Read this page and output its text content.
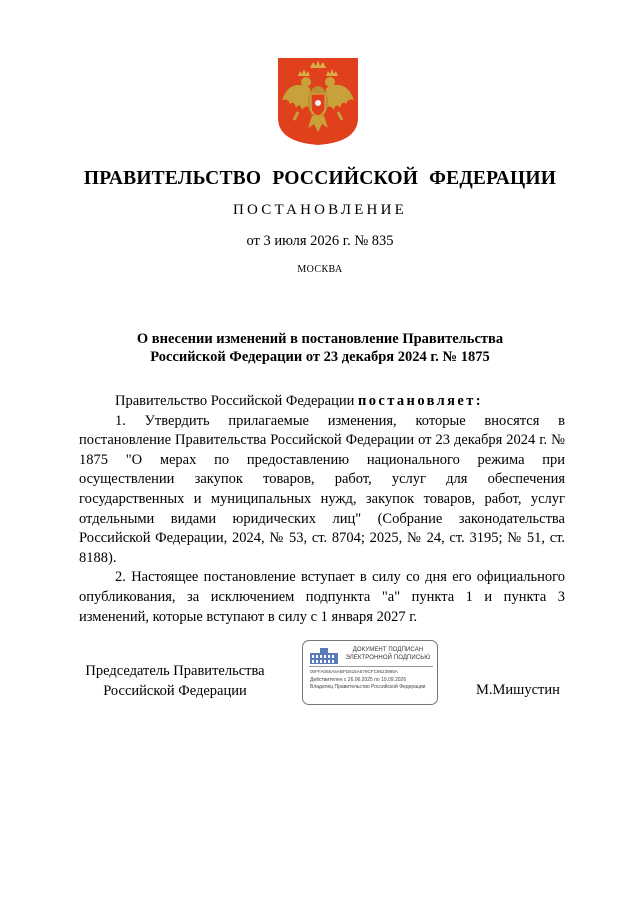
ПРАВИТЕЛЬСТВО РОССИЙСКОЙ ФЕДЕРАЦИИ
ПОСТАНОВЛЕНИЕ
от 3 июля 2026 г. № 835
МОСКВА
О внесении изменений в постановление Правительства
Российской Федерации от 23 декабря 2024 г. № 1875

Правительство Российской Федерации постановляет:

1. Утвердить прилагаемые изменения, которые вносятся в постановление Правительства Российской Федерации от 23 декабря 2024 г. № 1875 "О мерах по предоставлению национального режима при осуществлении закупок товаров, работ, услуг для обеспечения государственных и муниципальных нужд, закупок товаров, работ, услуг отдельными видами юридических лиц" (Собрание законодательства Российской Федерации, 2024, № 53, ст. 8704; 2025, № 24, ст. 3195; № 51, ст. 8188).

2. Настоящее постановление вступает в силу со дня его официального опубликования, за исключением подпункта "а" пункта 1 и пункта 3 изменений, которые вступают в силу с 1 января 2027 г.

Председатель Правительства
Российской Федерации
ДОКУМЕНТ ПОДПИСАН
ЭЛЕКТРОННОЙ ПОДПИСЬЮ
00FFA065A5ABFD615A579CFC9623985A
Действителен с 26.06.2025 по 19.09.2026
Владелец Правительство Российской Федерации	М.Мишустин
